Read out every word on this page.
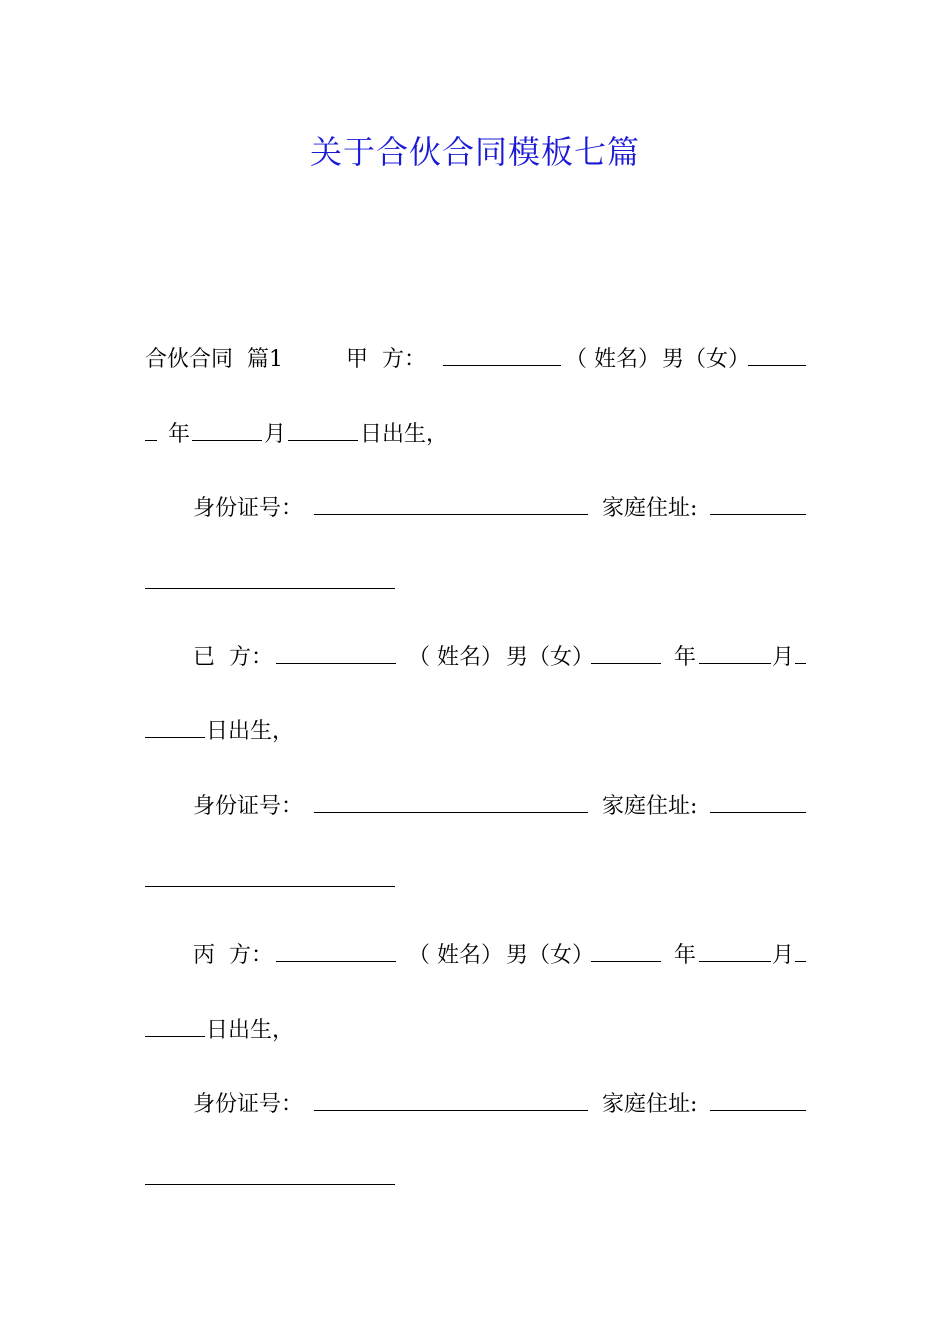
关于合伙合同模板七篇

合伙合同  篇1

	甲  方：

	（ 姓名）

男（女）

年

	月

	日出生，

身份证号：

	家庭住址:

已  方：

	（ 姓名）

男（女）

	年

	月

日出生，

身份证号：

	家庭住址:

丙  方：

	（ 姓名）

男（女）

	年

	月

日出生，

身份证号：

	家庭住址:
